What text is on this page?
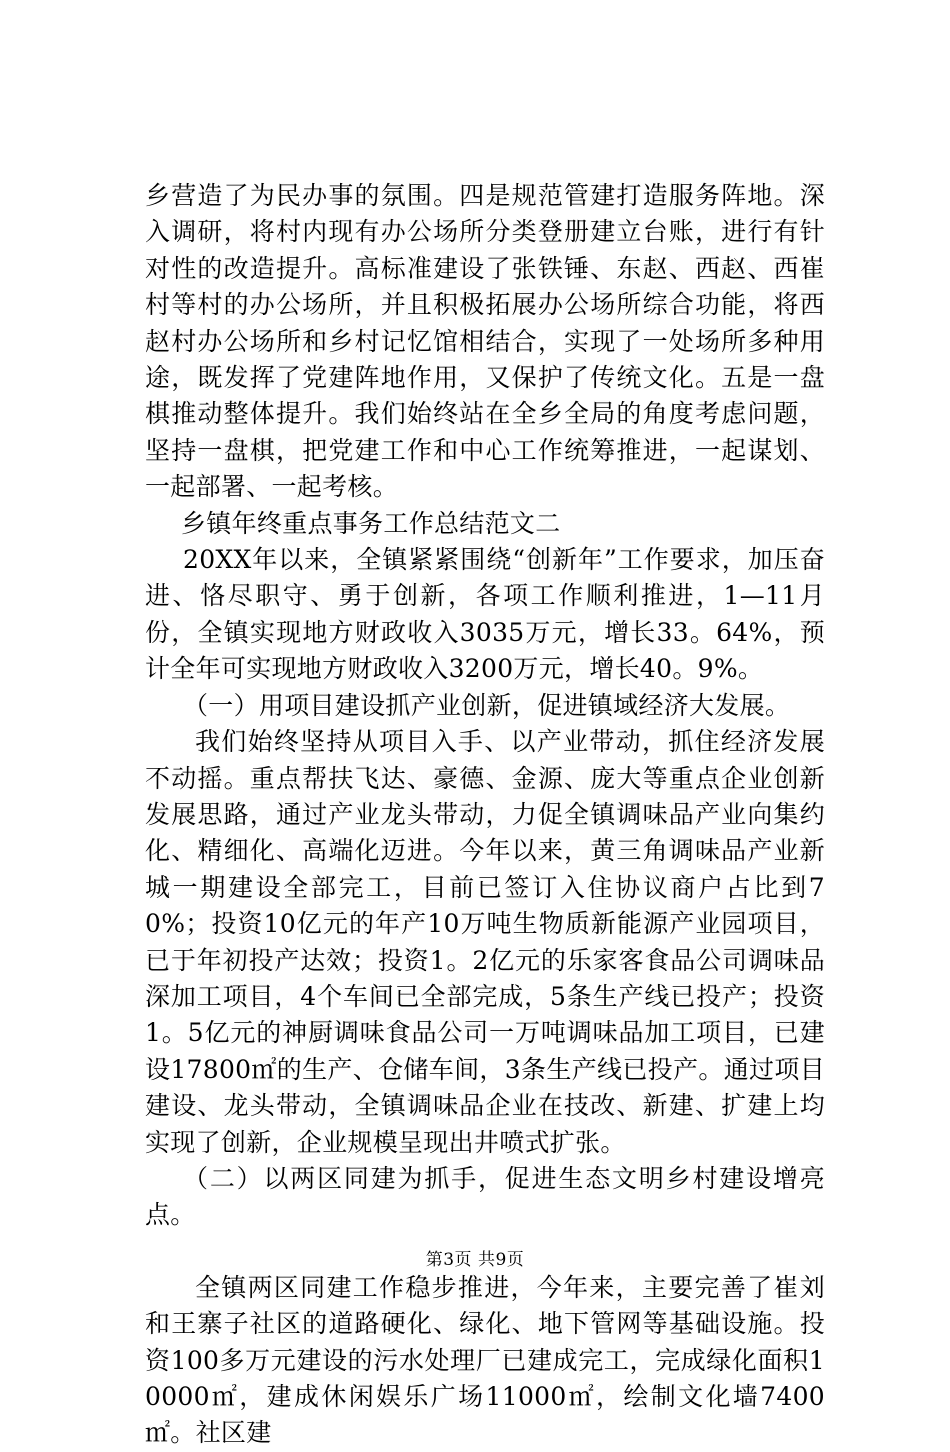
乡营造了为民办事的氛围。四是规范管建打造服务阵地。深入调研，将村内现有办公场所分类登册建立台账，进行有针对性的改造提升。高标准建设了张铁锤、东赵、西赵、西崔村等村的办公场所，并且积极拓展办公场所综合功能，将西赵村办公场所和乡村记忆馆相结合，实现了一处场所多种用途，既发挥了党建阵地作用，又保护了传统文化。五是一盘棋推动整体提升。我们始终站在全乡全局的角度考虑问题，坚持一盘棋，把党建工作和中心工作统筹推进，一起谋划、一起部署、一起考核。

乡镇年终重点事务工作总结范文二

20XX年以来，全镇紧紧围绕“创新年”工作要求，加压奋进、恪尽职守、勇于创新，各项工作顺利推进，1—11月份，全镇实现地方财政收入3035万元，增长33。64%，预计全年可实现地方财政收入3200万元，增长40。9%。

（一）用项目建设抓产业创新，促进镇域经济大发展。

我们始终坚持从项目入手、以产业带动，抓住经济发展不动摇。重点帮扶飞达、豪德、金源、庞大等重点企业创新发展思路，通过产业龙头带动，力促全镇调味品产业向集约化、精细化、高端化迈进。今年以来，黄三角调味品产业新城一期建设全部完工，目前已签订入住协议商户占比到70%；投资10亿元的年产10万吨生物质新能源产业园项目，已于年初投产达效；投资1。2亿元的乐家客食品公司调味品深加工项目，4个车间已全部完成，5条生产线已投产；投资1。5亿元的神厨调味食品公司一万吨调味品加工项目，已建设17800㎡的生产、仓储车间，3条生产线已投产。通过项目建设、龙头带动，全镇调味品企业在技改、新建、扩建上均实现了创新，企业规模呈现出井喷式扩张。

（二）以两区同建为抓手，促进生态文明乡村建设增亮点。

全镇两区同建工作稳步推进，今年来，主要完善了崔刘和王寨子社区的道路硬化、绿化、地下管网等基础设施。投资100多万元建设的污水处理厂已建成完工，完成绿化面积10000㎡，建成休闲娱乐广场11000㎡，绘制文化墙7400㎡。社区建

第3页 共9页
